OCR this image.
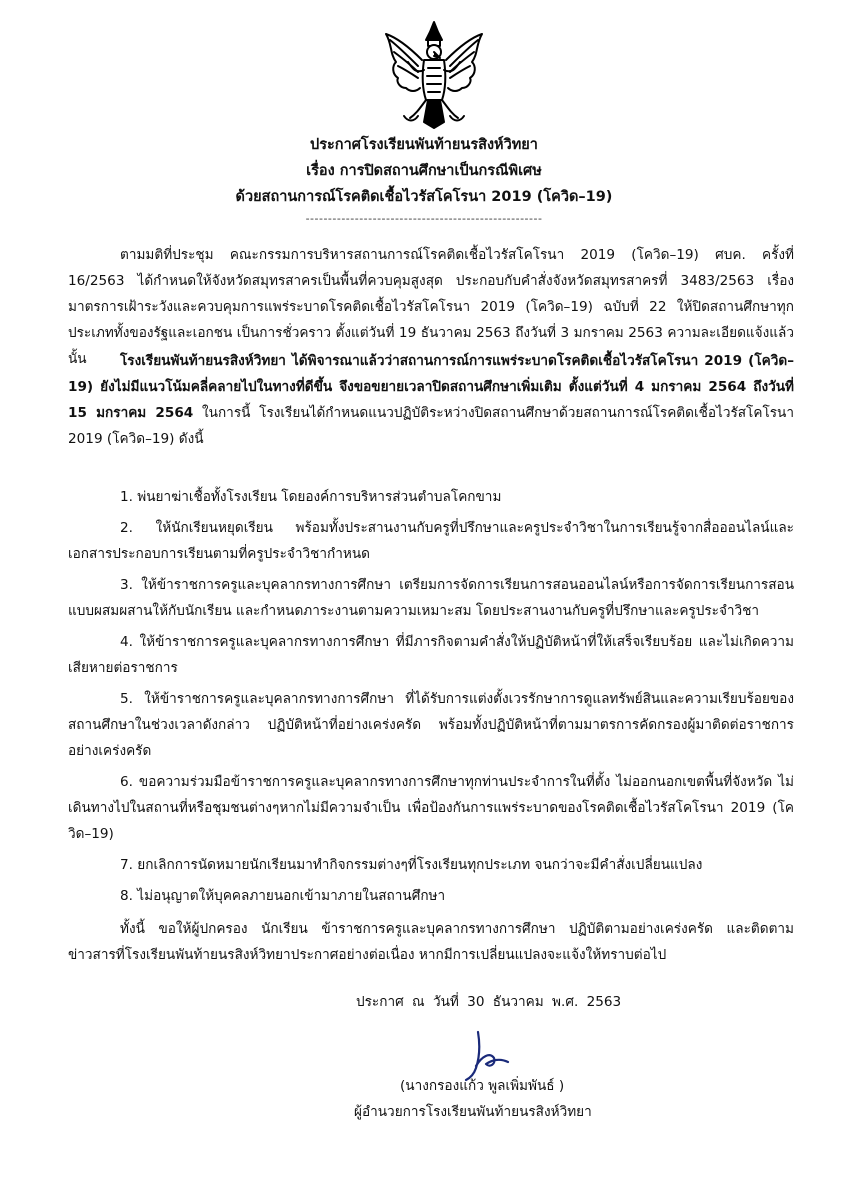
ประกาศโรงเรียนพันท้ายนรสิงห์วิทยา
เรื่อง การปิดสถานศึกษาเป็นกรณีพิเศษ
ด้วยสถานการณ์โรคติดเชื้อไวรัสโคโรนา 2019 (โควิด–19)
-----------------------------------------------------

ตามมติที่ประชุม คณะกรรมการบริหารสถานการณ์โรคติดเชื้อไวรัสโคโรนา 2019 (โควิด–19) ศบค. ครั้งที่ 16/2563 ได้กำหนดให้จังหวัดสมุทรสาครเป็นพื้นที่ควบคุมสูงสุด ประกอบกับคำสั่งจังหวัดสมุทรสาครที่ 3483/2563 เรื่อง มาตรการเฝ้าระวังและควบคุมการแพร่ระบาดโรคติดเชื้อไวรัสโคโรนา 2019 (โควิด–19) ฉบับที่ 22 ให้ปิดสถานศึกษาทุกประเภททั้งของรัฐและเอกชน เป็นการชั่วคราว ตั้งแต่วันที่ 19 ธันวาคม 2563 ถึงวันที่ 3 มกราคม 2563 ความละเอียดแจ้งแล้วนั้น	โรงเรียนพันท้ายนรสิงห์วิทยา ได้พิจารณาแล้วว่าสถานการณ์การแพร่ระบาดโรคติดเชื้อไวรัสโคโรนา 2019 (โควิด–19) ยังไม่มีแนวโน้มคลี่คลายไปในทางที่ดีขึ้น จึงขอขยายเวลาปิดสถานศึกษาเพิ่มเติม ตั้งแต่วันที่ 4 มกราคม 2564 ถึงวันที่ 15 มกราคม 2564 ในการนี้ โรงเรียนได้กำหนดแนวปฏิบัติระหว่างปิดสถานศึกษาด้วยสถานการณ์โรคติดเชื้อไวรัสโคโรนา 2019 (โควิด–19) ดังนี้

1. พ่นยาฆ่าเชื้อทั้งโรงเรียน โดยองค์การบริหารส่วนตำบลโคกขาม

2. ให้นักเรียนหยุดเรียน พร้อมทั้งประสานงานกับครูที่ปรึกษาและครูประจำวิชาในการเรียนรู้จากสื่อออนไลน์และเอกสารประกอบการเรียนตามที่ครูประจำวิชากำหนด

3. ให้ข้าราชการครูและบุคลากรทางการศึกษา เตรียมการจัดการเรียนการสอนออนไลน์หรือการจัดการเรียนการสอนแบบผสมผสานให้กับนักเรียน และกำหนดภาระงานตามความเหมาะสม โดยประสานงานกับครูที่ปรึกษาและครูประจำวิชา

4. ให้ข้าราชการครูและบุคลากรทางการศึกษา ที่มีภารกิจตามคำสั่งให้ปฏิบัติหน้าที่ให้เสร็จเรียบร้อย และไม่เกิดความเสียหายต่อราชการ

5. ให้ข้าราชการครูและบุคลากรทางการศึกษา ที่ได้รับการแต่งตั้งเวรรักษาการดูแลทรัพย์สินและความเรียบร้อยของสถานศึกษาในช่วงเวลาดังกล่าว ปฏิบัติหน้าที่อย่างเคร่งครัด พร้อมทั้งปฏิบัติหน้าที่ตามมาตรการคัดกรองผู้มาติดต่อราชการอย่างเคร่งครัด

6. ขอความร่วมมือข้าราชการครูและบุคลากรทางการศึกษาทุกท่านประจำการในที่ตั้ง ไม่ออกนอกเขตพื้นที่จังหวัด ไม่เดินทางไปในสถานที่หรือชุมชนต่างๆหากไม่มีความจำเป็น เพื่อป้องกันการแพร่ระบาดของโรคติดเชื้อไวรัสโคโรนา 2019 (โควิด–19)

7. ยกเลิกการนัดหมายนักเรียนมาทำกิจกรรมต่างๆที่โรงเรียนทุกประเภท จนกว่าจะมีคำสั่งเปลี่ยนแปลง

8. ไม่อนุญาตให้บุคคลภายนอกเข้ามาภายในสถานศึกษา

ทั้งนี้ ขอให้ผู้ปกครอง นักเรียน ข้าราชการครูและบุคลากรทางการศึกษา ปฏิบัติตามอย่างเคร่งครัด และติดตามข่าวสารที่โรงเรียนพันท้ายนรสิงห์วิทยาประกาศอย่างต่อเนื่อง หากมีการเปลี่ยนแปลงจะแจ้งให้ทราบต่อไป
ประกาศ ณ วันที่ 30 ธันวาคม พ.ศ. 2563
(นางกรองแก้ว พูลเพิ่มพันธ์ )
ผู้อำนวยการโรงเรียนพันท้ายนรสิงห์วิทยา
